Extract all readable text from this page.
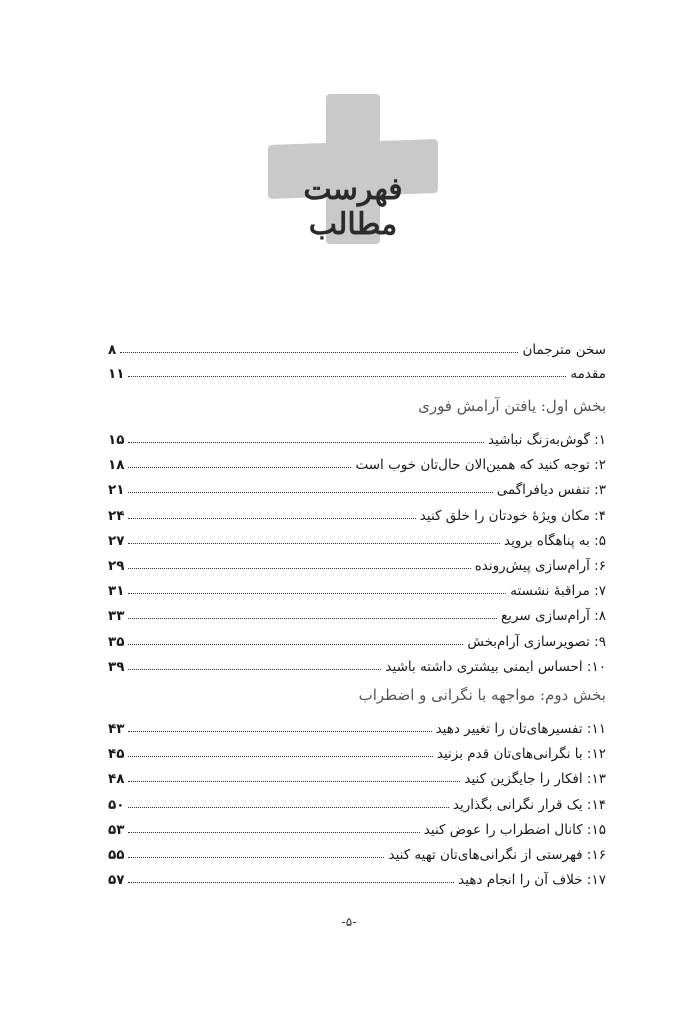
فهرست مطالب
سخن مترجمان
۸
مقدمه
۱۱
بخش اول: یافتن آرامش فوری
۱: گوش‌به‌زنگ نباشید
۱۵
۲: توجه کنید که همین‌الان حال‌تان خوب است
۱۸
۳: تنفس دیافراگمی
۲۱
۴: مکان ویژهٔ خودتان را خلق کنید
۲۴
۵: به پناهگاه بروید
۲۷
۶: آرام‌سازی پیش‌رونده
۲۹
۷: مراقبهٔ نشسته
۳۱
۸: آرام‌سازی سریع
۳۳
۹: تصویرسازی آرام‌بخش
۳۵
۱۰: احساس ایمنی بیشتری داشته باشید
۳۹
بخش دوم: مواجهه با نگرانی و اضطراب
۱۱: تفسیرهای‌تان را تغییر دهید
۴۳
۱۲: با نگرانی‌های‌تان قدم بزنید
۴۵
۱۳: افکار را جایگزین کنید
۴۸
۱۴: یک قرار نگرانی بگذارید
۵۰
۱۵: کانال اضطراب را عوض کنید
۵۳
۱۶: فهرستی از نگرانی‌های‌تان تهیه کنید
۵۵
۱۷: خلاف آن را انجام دهید
۵۷
-۵-
